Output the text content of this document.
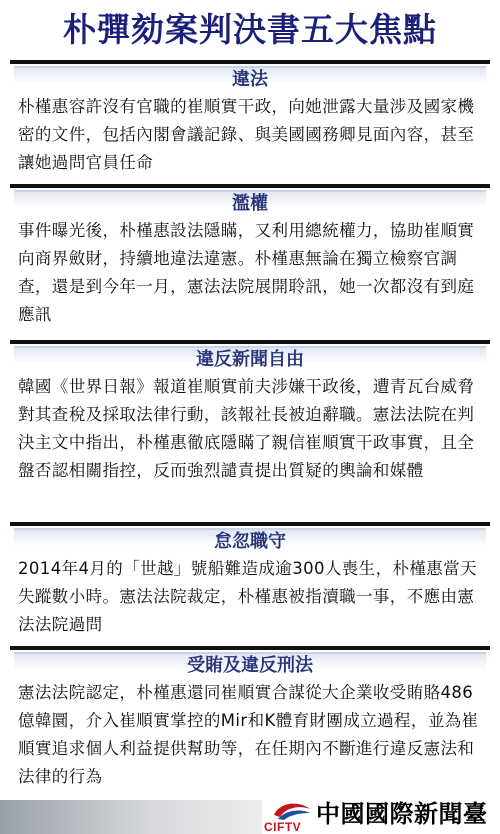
朴彈劾案判決書五大焦點
違法
朴槿惠容許沒有官職的崔順實干政，向她泄露大量涉及國家機密的文件，包括內閣會議記錄、與美國國務卿見面內容，甚至讓她過問官員任命
濫權
事件曝光後，朴槿惠設法隱瞞，又利用總統權力，協助崔順實向商界斂財，持續地違法違憲。朴槿惠無論在獨立檢察官調查，還是到今年一月，憲法法院展開聆訊，她一次都沒有到庭應訊
違反新聞自由
韓國《世界日報》報道崔順實前夫涉嫌干政後，遭青瓦台威脅對其查稅及採取法律行動，該報社長被迫辭職。憲法法院在判決主文中指出，朴槿惠徹底隱瞞了親信崔順實干政事實，且全盤否認相關指控，反而強烈譴責提出質疑的輿論和媒體
怠忽職守
2014年4月的「世越」號船難造成逾300人喪生，朴槿惠當天失蹤數小時。憲法法院裁定，朴槿惠被指瀆職一事，不應由憲法法院過問
受賄及違反刑法
憲法法院認定，朴槿惠還同崔順實合謀從大企業收受賄賂486億韓圜，介入崔順實掌控的Mir和K體育財團成立過程，並為崔順實追求個人利益提供幫助等，在任期內不斷進行違反憲法和法律的行為
CIFTV 中國國際新聞臺
